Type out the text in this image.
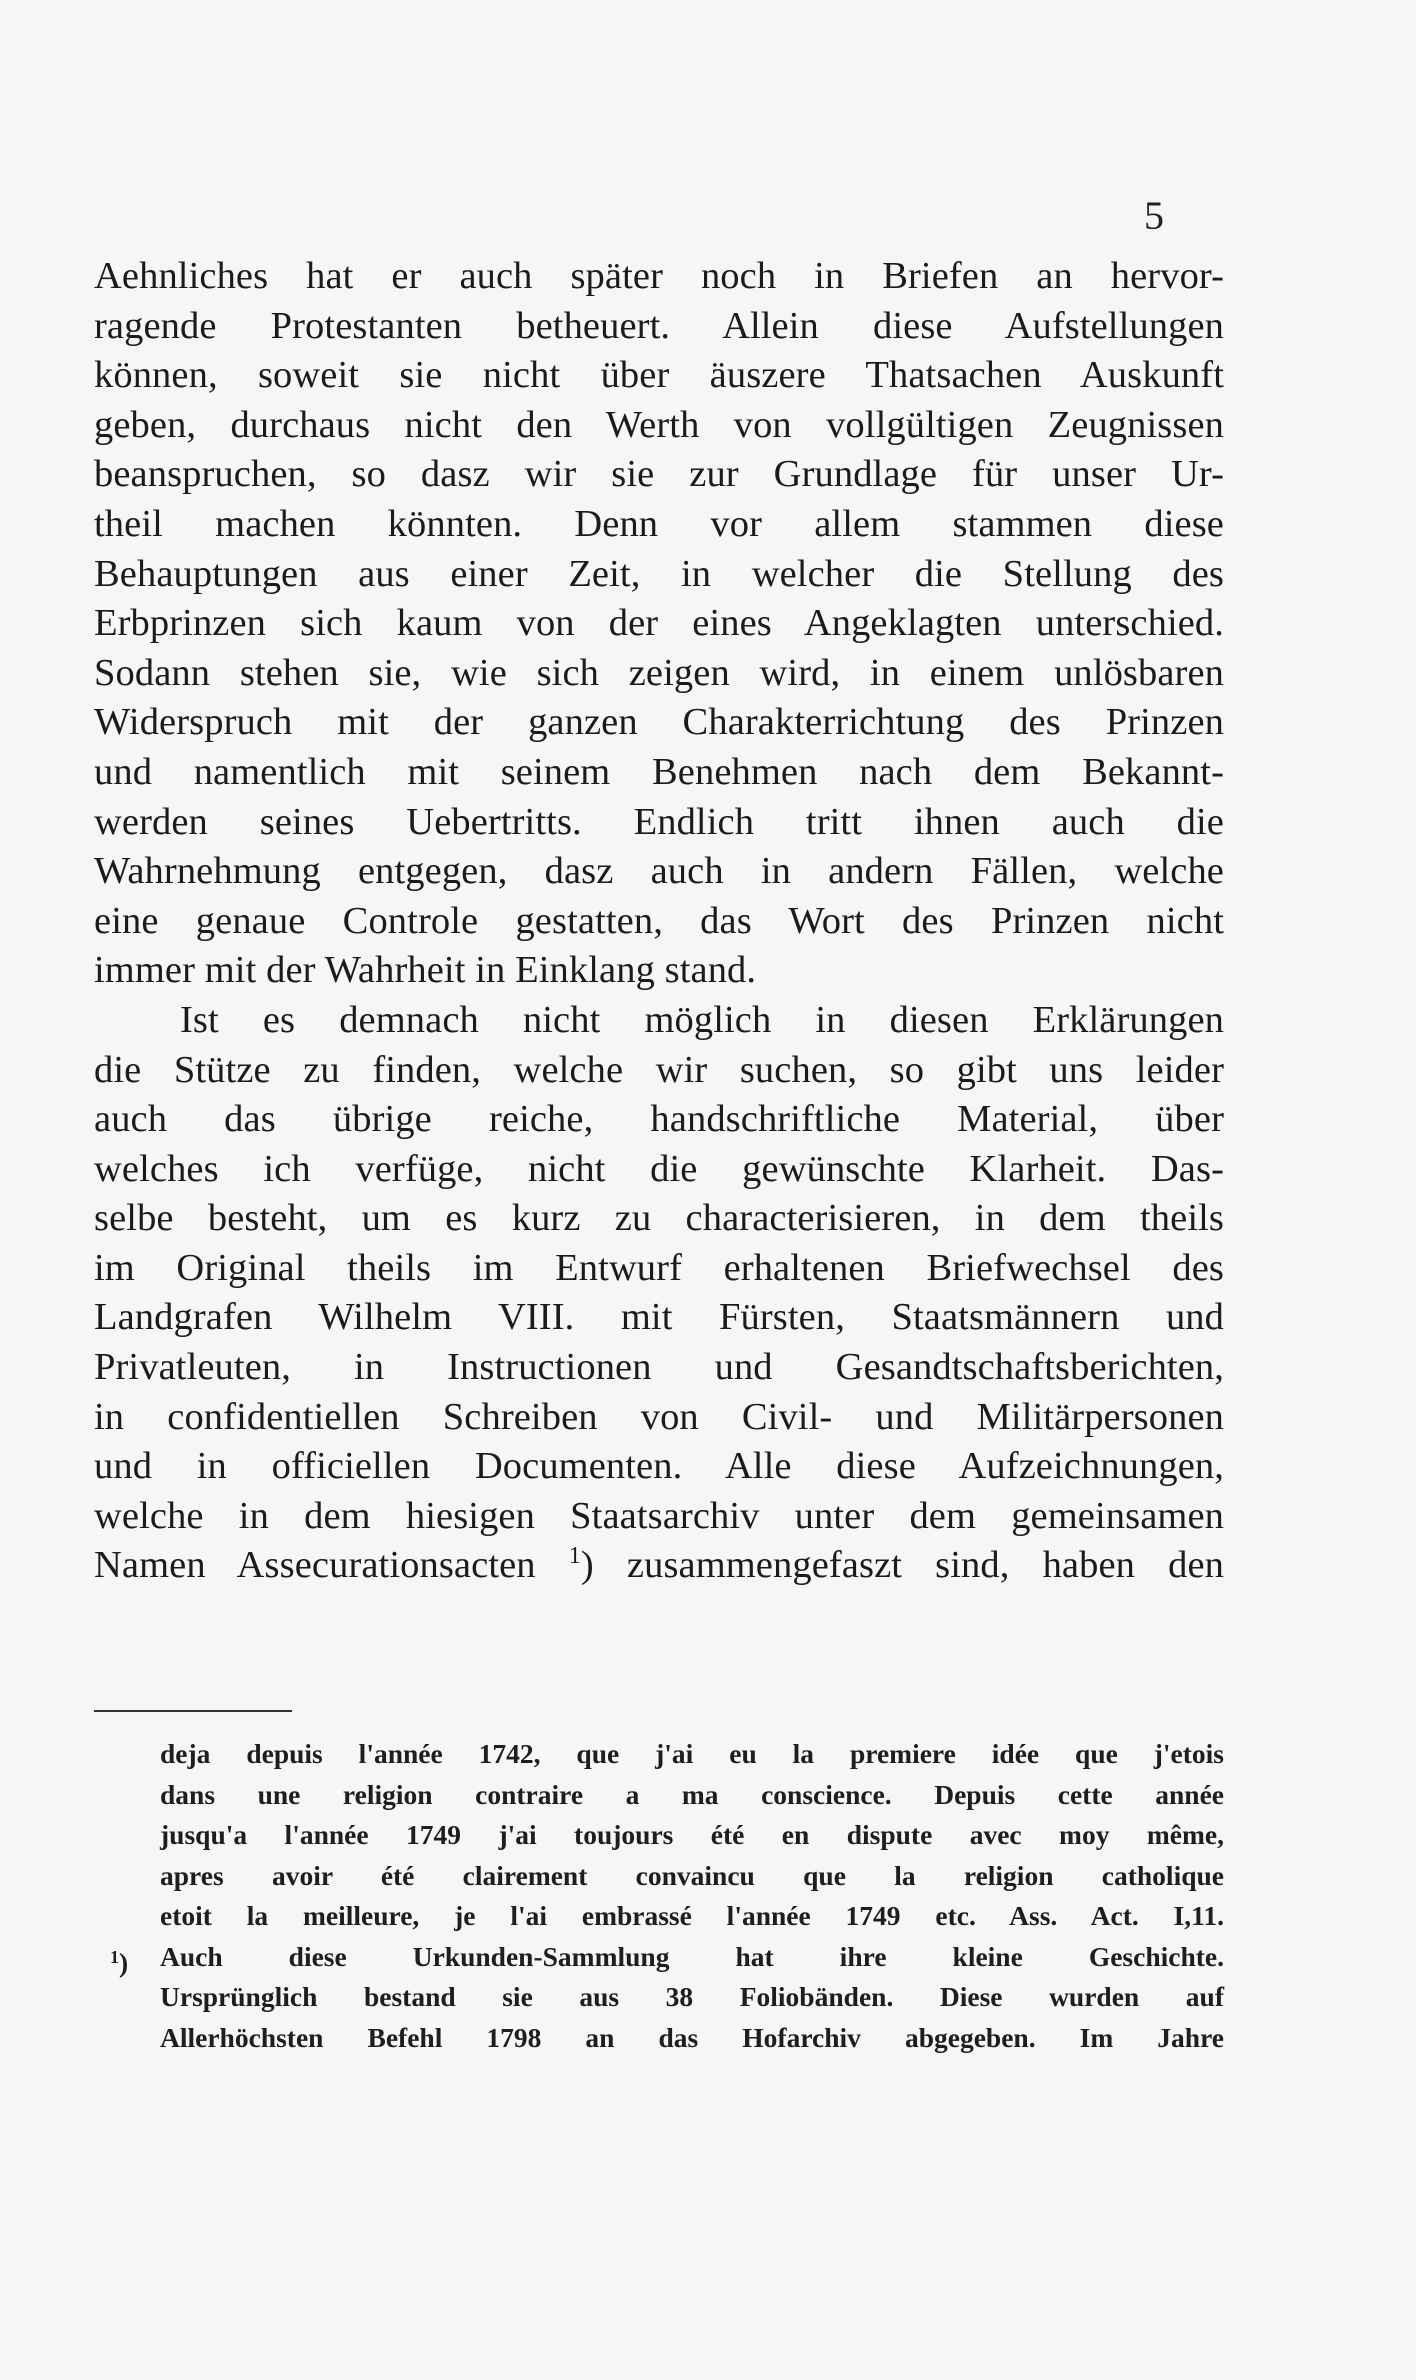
5
Aehnliches hat er auch später noch in Briefen an hervor-
ragende Protestanten betheuert. Allein diese Aufstellungen
können, soweit sie nicht über äuszere Thatsachen Auskunft
geben, durchaus nicht den Werth von vollgültigen Zeugnissen
beanspruchen, so dasz wir sie zur Grundlage für unser Ur-
theil machen könnten. Denn vor allem stammen diese
Behauptungen aus einer Zeit, in welcher die Stellung des
Erbprinzen sich kaum von der eines Angeklagten unterschied.
Sodann stehen sie, wie sich zeigen wird, in einem unlösbaren
Widerspruch mit der ganzen Charakterrichtung des Prinzen
und namentlich mit seinem Benehmen nach dem Bekannt-
werden seines Uebertritts. Endlich tritt ihnen auch die
Wahrnehmung entgegen, dasz auch in andern Fällen, welche
eine genaue Controle gestatten, das Wort des Prinzen nicht
immer mit der Wahrheit in Einklang stand.
Ist es demnach nicht möglich in diesen Erklärungen
die Stütze zu finden, welche wir suchen, so gibt uns leider
auch das übrige reiche, handschriftliche Material, über
welches ich verfüge, nicht die gewünschte Klarheit. Das-
selbe besteht, um es kurz zu characterisieren, in dem theils
im Original theils im Entwurf erhaltenen Briefwechsel des
Landgrafen Wilhelm VIII. mit Fürsten, Staatsmännern und
Privatleuten, in Instructionen und Gesandtschaftsberichten,
in confidentiellen Schreiben von Civil- und Militärpersonen
und in officiellen Documenten. Alle diese Aufzeichnungen,
welche in dem hiesigen Staatsarchiv unter dem gemeinsamen
Namen Assecurationsacten $^1$) zusammengefaszt sind, haben den
deja depuis l'année 1742, que j'ai eu la premiere idée que j'etois
dans une religion contraire a ma conscience. Depuis cette année
jusqu'a l'année 1749 j'ai toujours été en dispute avec moy même,
apres avoir été clairement convaincu que la religion catholique
etoit la meilleure, je l'ai embrassé l'année 1749 etc. Ass. Act. I,11.
$^1$) Auch diese Urkunden-Sammlung hat ihre kleine Geschichte.
Ursprünglich bestand sie aus 38 Foliobänden. Diese wurden auf
Allerhöchsten Befehl 1798 an das Hofarchiv abgegeben. Im Jahre
